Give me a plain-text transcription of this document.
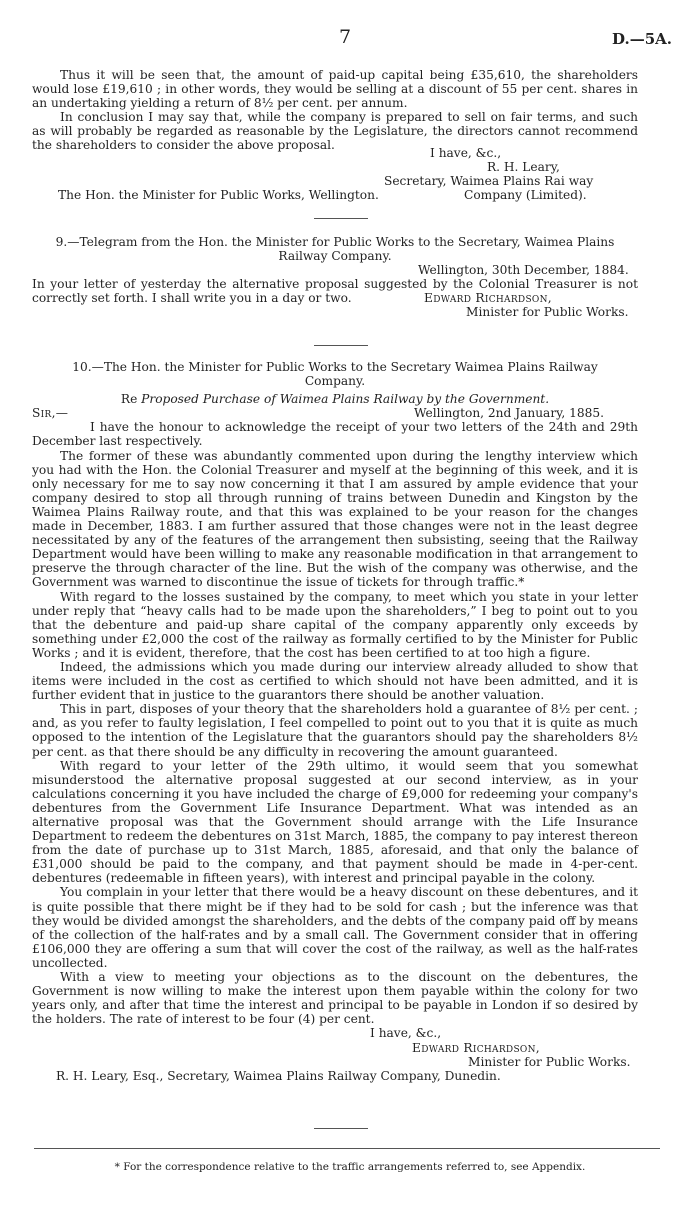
7	D.—5A.

Thus it will be seen that, the amount of paid-up capital being £35,610, the shareholders would lose £19,610 ; in other words, they would be selling at a discount of 55 per cent. shares in an undertaking yielding a return of 8½ per cent. per annum.

In conclusion I may say that, while the company is prepared to sell on fair terms, and such as will probably be regarded as reasonable by the Legislature, the directors cannot recommend the shareholders to consider the above proposal.

I have, &c.,
R. H. Leary,
Secretary, Waimea Plains Rai way
The Hon. the Minister for Public Works, Wellington.	Company (Limited).

9.—Telegram from the Hon. the Minister for Public Works to the Secretary, Waimea Plains

Railway Company.

Wellington, 30th December, 1884.

In your letter of yesterday the alternative proposal suggested by the Colonial Treasurer is not correctly set forth. I shall write you in a day or two.	Edward Richardson,
Minister for Public Works.

10.—The Hon. the Minister for Public Works to the Secretary Waimea Plains Railway

Company.

Re Proposed Purchase of Waimea Plains Railway by the Government.

Sir,—	Wellington, 2nd January, 1885.

I have the honour to acknowledge the receipt of your two letters of the 24th and 29th December last respectively.

The former of these was abundantly commented upon during the lengthy interview which you had with the Hon. the Colonial Treasurer and myself at the beginning of this week, and it is only necessary for me to say now concerning it that I am assured by ample evidence that your company desired to stop all through running of trains between Dunedin and Kingston by the Waimea Plains Railway route, and that this was explained to be your reason for the changes made in December, 1883. I am further assured that those changes were not in the least degree necessitated by any of the features of the arrangement then subsisting, seeing that the Railway Department would have been willing to make any reasonable modification in that arrangement to preserve the through character of the line. But the wish of the company was otherwise, and the Government was warned to discontinue the issue of tickets for through traffic.*

With regard to the losses sustained by the company, to meet which you state in your letter under reply that “heavy calls had to be made upon the shareholders,” I beg to point out to you that the debenture and paid-up share capital of the company apparently only exceeds by something under £2,000 the cost of the railway as formally certified to by the Minister for Public Works ; and it is evident, therefore, that the cost has been certified to at too high a figure.

Indeed, the admissions which you made during our interview already alluded to show that items were included in the cost as certified to which should not have been admitted, and it is further evident that in justice to the guarantors there should be another valuation.

This in part, disposes of your theory that the shareholders hold a guarantee of 8½ per cent. ; and, as you refer to faulty legislation, I feel compelled to point out to you that it is quite as much opposed to the intention of the Legislature that the guarantors should pay the shareholders 8½ per cent. as that there should be any difficulty in recovering the amount guaranteed.

With regard to your letter of the 29th ultimo, it would seem that you somewhat misunderstood the alternative proposal suggested at our second interview, as in your calculations concerning it you have included the charge of £9,000 for redeeming your company's debentures from the Government Life Insurance Department. What was intended as an alternative proposal was that the Government should arrange with the Life Insurance Department to redeem the debentures on 31st March, 1885, the company to pay interest thereon from the date of purchase up to 31st March, 1885, aforesaid, and that only the balance of £31,000 should be paid to the company, and that payment should be made in 4-per-cent. debentures (redeemable in fifteen years), with interest and principal payable in the colony.

You complain in your letter that there would be a heavy discount on these debentures, and it is quite possible that there might be if they had to be sold for cash ; but the inference was that they would be divided amongst the shareholders, and the debts of the company paid off by means of the collection of the half-rates and by a small call. The Government consider that in offering £106,000 they are offering a sum that will cover the cost of the railway, as well as the half-rates uncollected.

With a view to meeting your objections as to the discount on the debentures, the Government is now willing to make the interest upon them payable within the colony for two years only, and after that time the interest and principal to be payable in London if so desired by the holders. The rate of interest to be four (4) per cent.

I have, &c.,
Edward Richardson,
Minister for Public Works.
R. H. Leary, Esq., Secretary, Waimea Plains Railway Company, Dunedin.
* For the correspondence relative to the traffic arrangements referred to, see Appendix.
